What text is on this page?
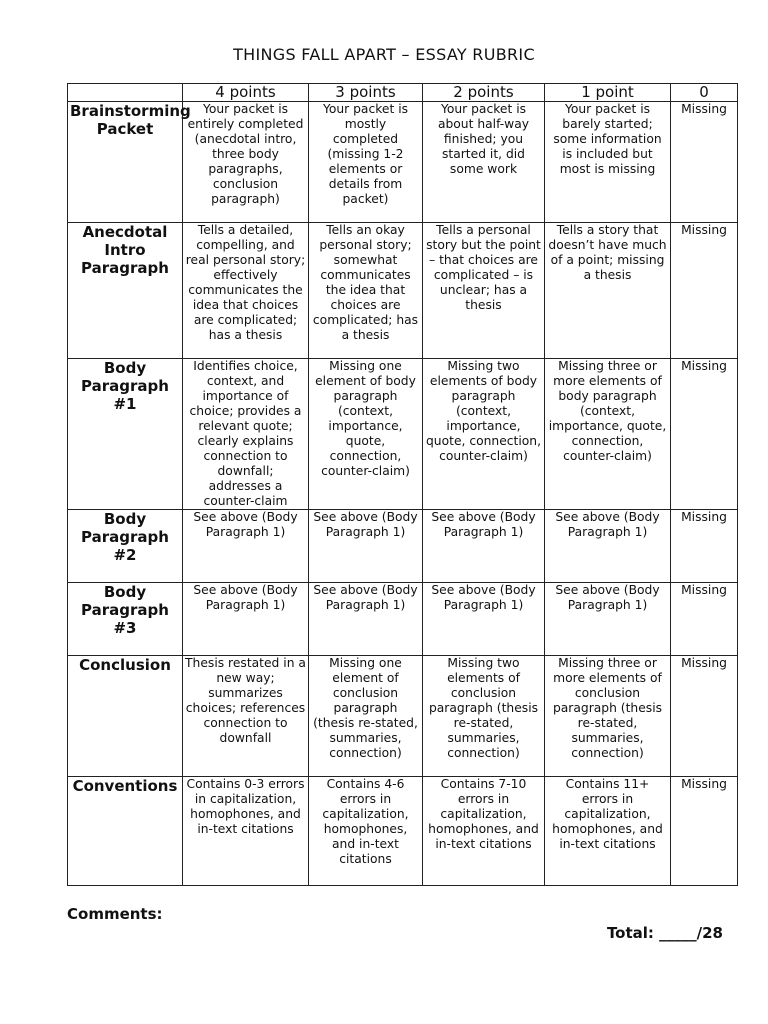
THINGS FALL APART – ESSAY RUBRIC
	4 points	3 points	2 points	1 point	0
Brainstorming Packet	Your packet is entirely completed (anecdotal intro, three body paragraphs, conclusion paragraph)	Your packet is mostly completed (missing 1-2 elements or details from packet)	Your packet is about half-way finished; you started it, did some work	Your packet is barely started; some information is included but most is missing	Missing
Anecdotal Intro Paragraph	Tells a detailed, compelling, and real personal story; effectively communicates the idea that choices are complicated; has a thesis	Tells an okay personal story; somewhat communicates the idea that choices are complicated; has a thesis	Tells a personal story but the point – that choices are complicated – is unclear; has a thesis	Tells a story that doesn’t have much of a point; missing a thesis	Missing
Body Paragraph #1	Identifies choice, context, and importance of choice; provides a relevant quote; clearly explains connection to downfall; addresses a counter-claim	Missing one element of body paragraph (context, importance, quote, connection, counter-claim)	Missing two elements of body paragraph (context, importance, quote, connection, counter-claim)	Missing three or more elements of body paragraph (context, importance, quote, connection, counter-claim)	Missing
Body Paragraph #2	See above (Body Paragraph 1)	See above (Body Paragraph 1)	See above (Body Paragraph 1)	See above (Body Paragraph 1)	Missing
Body Paragraph #3	See above (Body Paragraph 1)	See above (Body Paragraph 1)	See above (Body Paragraph 1)	See above (Body Paragraph 1)	Missing
Conclusion	Thesis restated in a new way; summarizes choices; references connection to downfall	Missing one element of conclusion paragraph (thesis re-stated, summaries, connection)	Missing two elements of conclusion paragraph (thesis re-stated, summaries, connection)	Missing three or more elements of conclusion paragraph (thesis re-stated, summaries, connection)	Missing
Conventions	Contains 0-3 errors in capitalization, homophones, and in-text citations	Contains 4-6 errors in capitalization, homophones, and in-text citations	Contains 7-10 errors in capitalization, homophones, and in-text citations	Contains 11+ errors in capitalization, homophones, and in-text citations	Missing
Comments:
Total: _____/28
